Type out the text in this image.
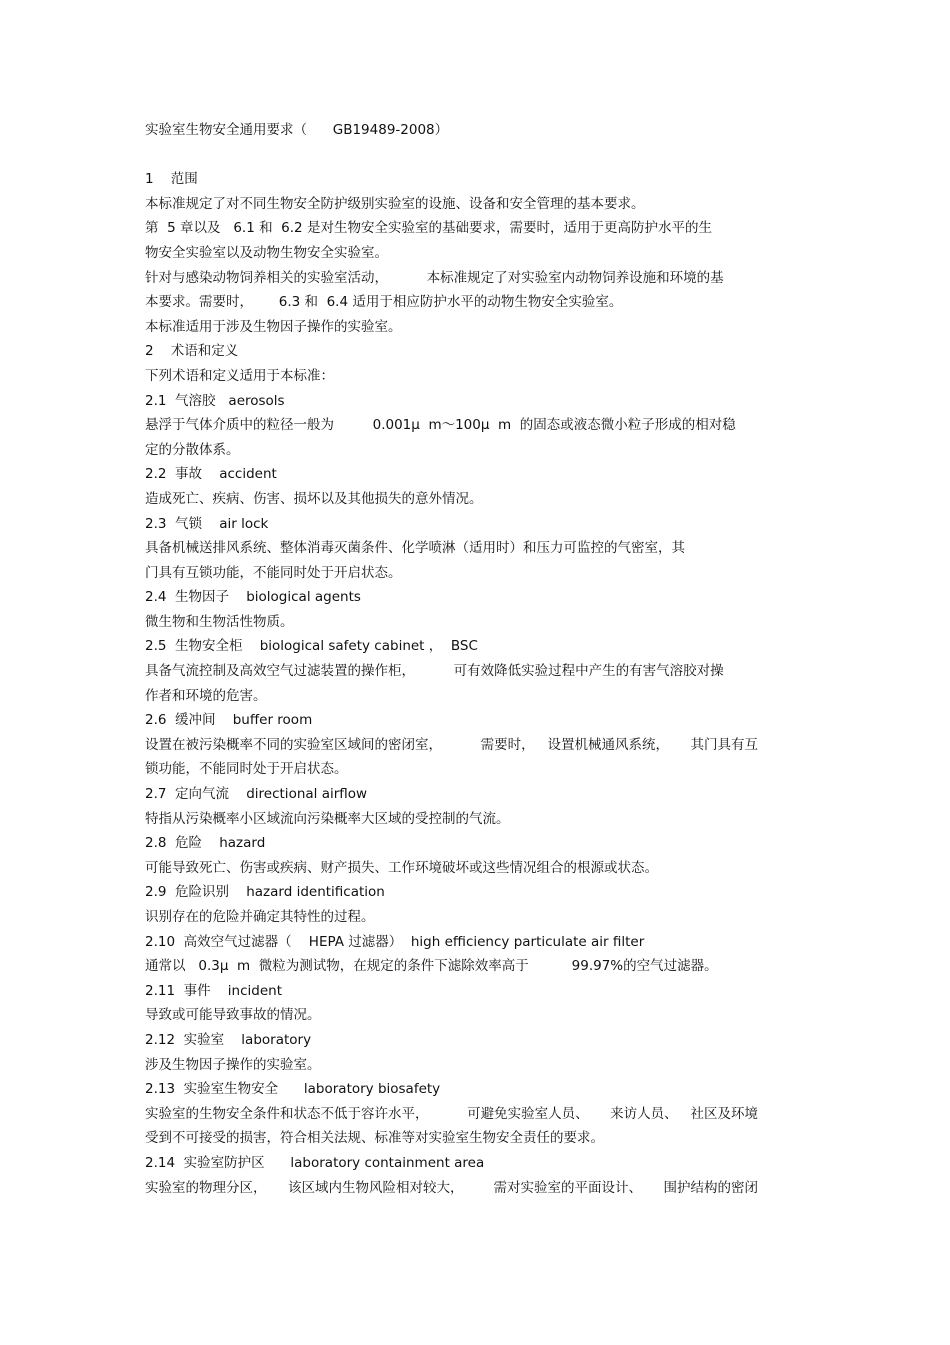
实验室生物安全通用要求（      GB19489-2008）
1    范围
本标准规定了对不同生物安全防护级别实验室的设施、设备和安全管理的基本要求。
第  5 章以及   6.1 和  6.2 是对生物安全实验室的基础要求，需要时，适用于更高防护水平的生
物安全实验室以及动物生物安全实验室。
针对与感染动物饲养相关的实验室活动，         本标准规定了对实验室内动物饲养设施和环境的基
本要求。需要时，      6.3 和  6.4 适用于相应防护水平的动物生物安全实验室。
本标准适用于涉及生物因子操作的实验室。
2    术语和定义
下列术语和定义适用于本标准：
2.1  气溶胶   aerosols
悬浮于气体介质中的粒径一般为         0.001μ  m～100μ  m  的固态或液态微小粒子形成的相对稳
定的分散体系。
2.2  事故    accident
造成死亡、疾病、伤害、损坏以及其他损失的意外情况。
2.3  气锁    air lock
具备机械送排风系统、整体消毒灭菌条件、化学喷淋（适用时）和压力可监控的气密室，其
门具有互锁功能，不能同时处于开启状态。
2.4  生物因子    biological agents
微生物和生物活性物质。
2.5  生物安全柜    biological safety cabinet ，  BSC
具备气流控制及高效空气过滤装置的操作柜，         可有效降低实验过程中产生的有害气溶胶对操
作者和环境的危害。
2.6  缓冲间    buffer room
设置在被污染概率不同的实验室区域间的密闭室，         需要时，   设置机械通风系统，     其门具有互
锁功能，不能同时处于开启状态。
2.7  定向气流    directional airflow
特指从污染概率小区域流向污染概率大区域的受控制的气流。
2.8  危险    hazard
可能导致死亡、伤害或疾病、财产损失、工作环境破坏或这些情况组合的根源或状态。
2.9  危险识别    hazard identification
识别存在的危险并确定其特性的过程。
2.10  高效空气过滤器（    HEPA 过滤器）  high efficiency particulate air filter
通常以   0.3μ  m  微粒为测试物，在规定的条件下滤除效率高于          99.97%的空气过滤器。
2.11  事件    incident
导致或可能导致事故的情况。
2.12  实验室    laboratory
涉及生物因子操作的实验室。
2.13  实验室生物安全      laboratory biosafety
实验室的生物安全条件和状态不低于容许水平，         可避免实验室人员、     来访人员、   社区及环境
受到不可接受的损害，符合相关法规、标准等对实验室生物安全责任的要求。
2.14  实验室防护区      laboratory containment area
实验室的物理分区，     该区域内生物风险相对较大，       需对实验室的平面设计、     围护结构的密闭
